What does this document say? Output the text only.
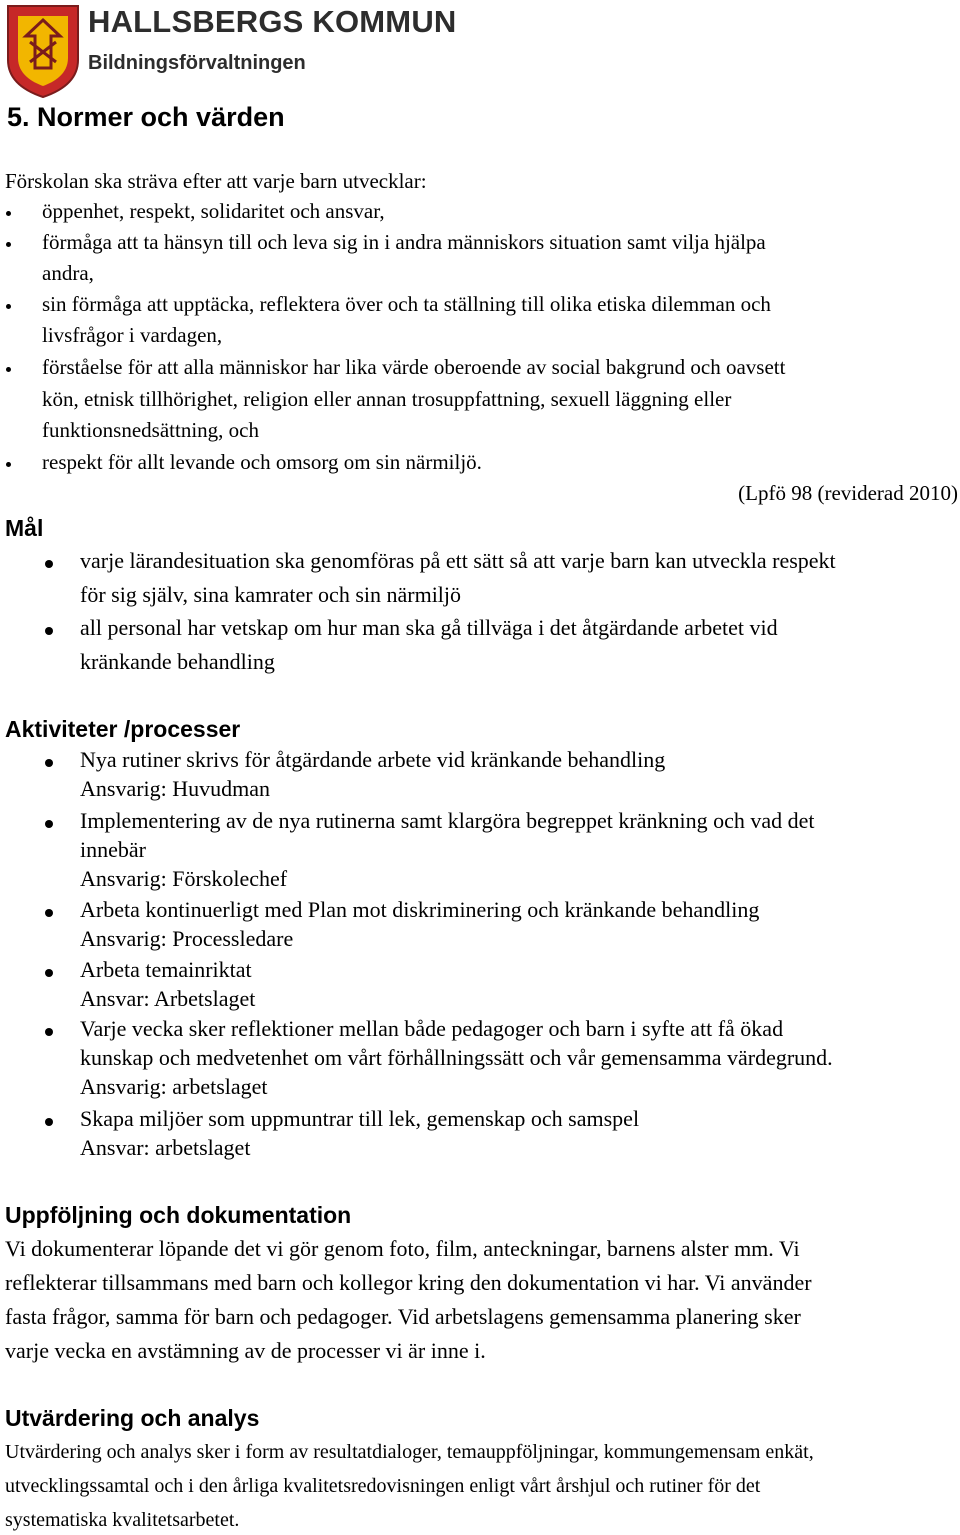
HALLSBERGS KOMMUN
Bildningsförvaltningen
5. Normer och värden
Förskolan ska sträva efter att varje barn utvecklar:
öppenhet, respekt, solidaritet och ansvar,
förmåga att ta hänsyn till och leva sig in i andra människors situation samt vilja hjälpa
andra,
sin förmåga att upptäcka, reflektera över och ta ställning till olika etiska dilemman och
livsfrågor i vardagen,
förståelse för att alla människor har lika värde oberoende av social bakgrund och oavsett
kön, etnisk tillhörighet, religion eller annan trosuppfattning, sexuell läggning eller
funktionsnedsättning, och
respekt för allt levande och omsorg om sin närmiljö.
(Lpfö 98 (reviderad 2010)
Mål
varje lärandesituation ska genomföras på ett sätt så att varje barn kan utveckla respekt
för sig själv, sina kamrater och sin närmiljö
all personal har vetskap om hur man ska gå tillväga i det åtgärdande arbetet vid
kränkande behandling
Aktiviteter /processer
Nya rutiner skrivs för åtgärdande arbete vid kränkande behandling
Ansvarig: Huvudman
Implementering av de nya rutinerna samt klargöra begreppet kränkning och vad det
innebär
Ansvarig: Förskolechef
Arbeta kontinuerligt med Plan mot diskriminering och kränkande behandling
Ansvarig: Processledare
Arbeta temainriktat
Ansvar: Arbetslaget
Varje vecka sker reflektioner mellan både pedagoger och barn i syfte att få ökad
kunskap och medvetenhet om vårt förhållningssätt och vår gemensamma värdegrund.
Ansvarig: arbetslaget
Skapa miljöer som uppmuntrar till lek, gemenskap och samspel
Ansvar: arbetslaget
Uppföljning och dokumentation
Vi dokumenterar löpande det vi gör genom foto, film, anteckningar, barnens alster mm. Vi
reflekterar tillsammans med barn och kollegor kring den dokumentation vi har. Vi använder
fasta frågor, samma för barn och pedagoger. Vid arbetslagens gemensamma planering sker
varje vecka en avstämning av de processer vi är inne i.
Utvärdering och analys
Utvärdering och analys sker i form av resultatdialoger, temauppföljningar, kommungemensam enkät,
utvecklingssamtal och i den årliga kvalitetsredovisningen enligt vårt årshjul och rutiner för det
systematiska kvalitetsarbetet.
